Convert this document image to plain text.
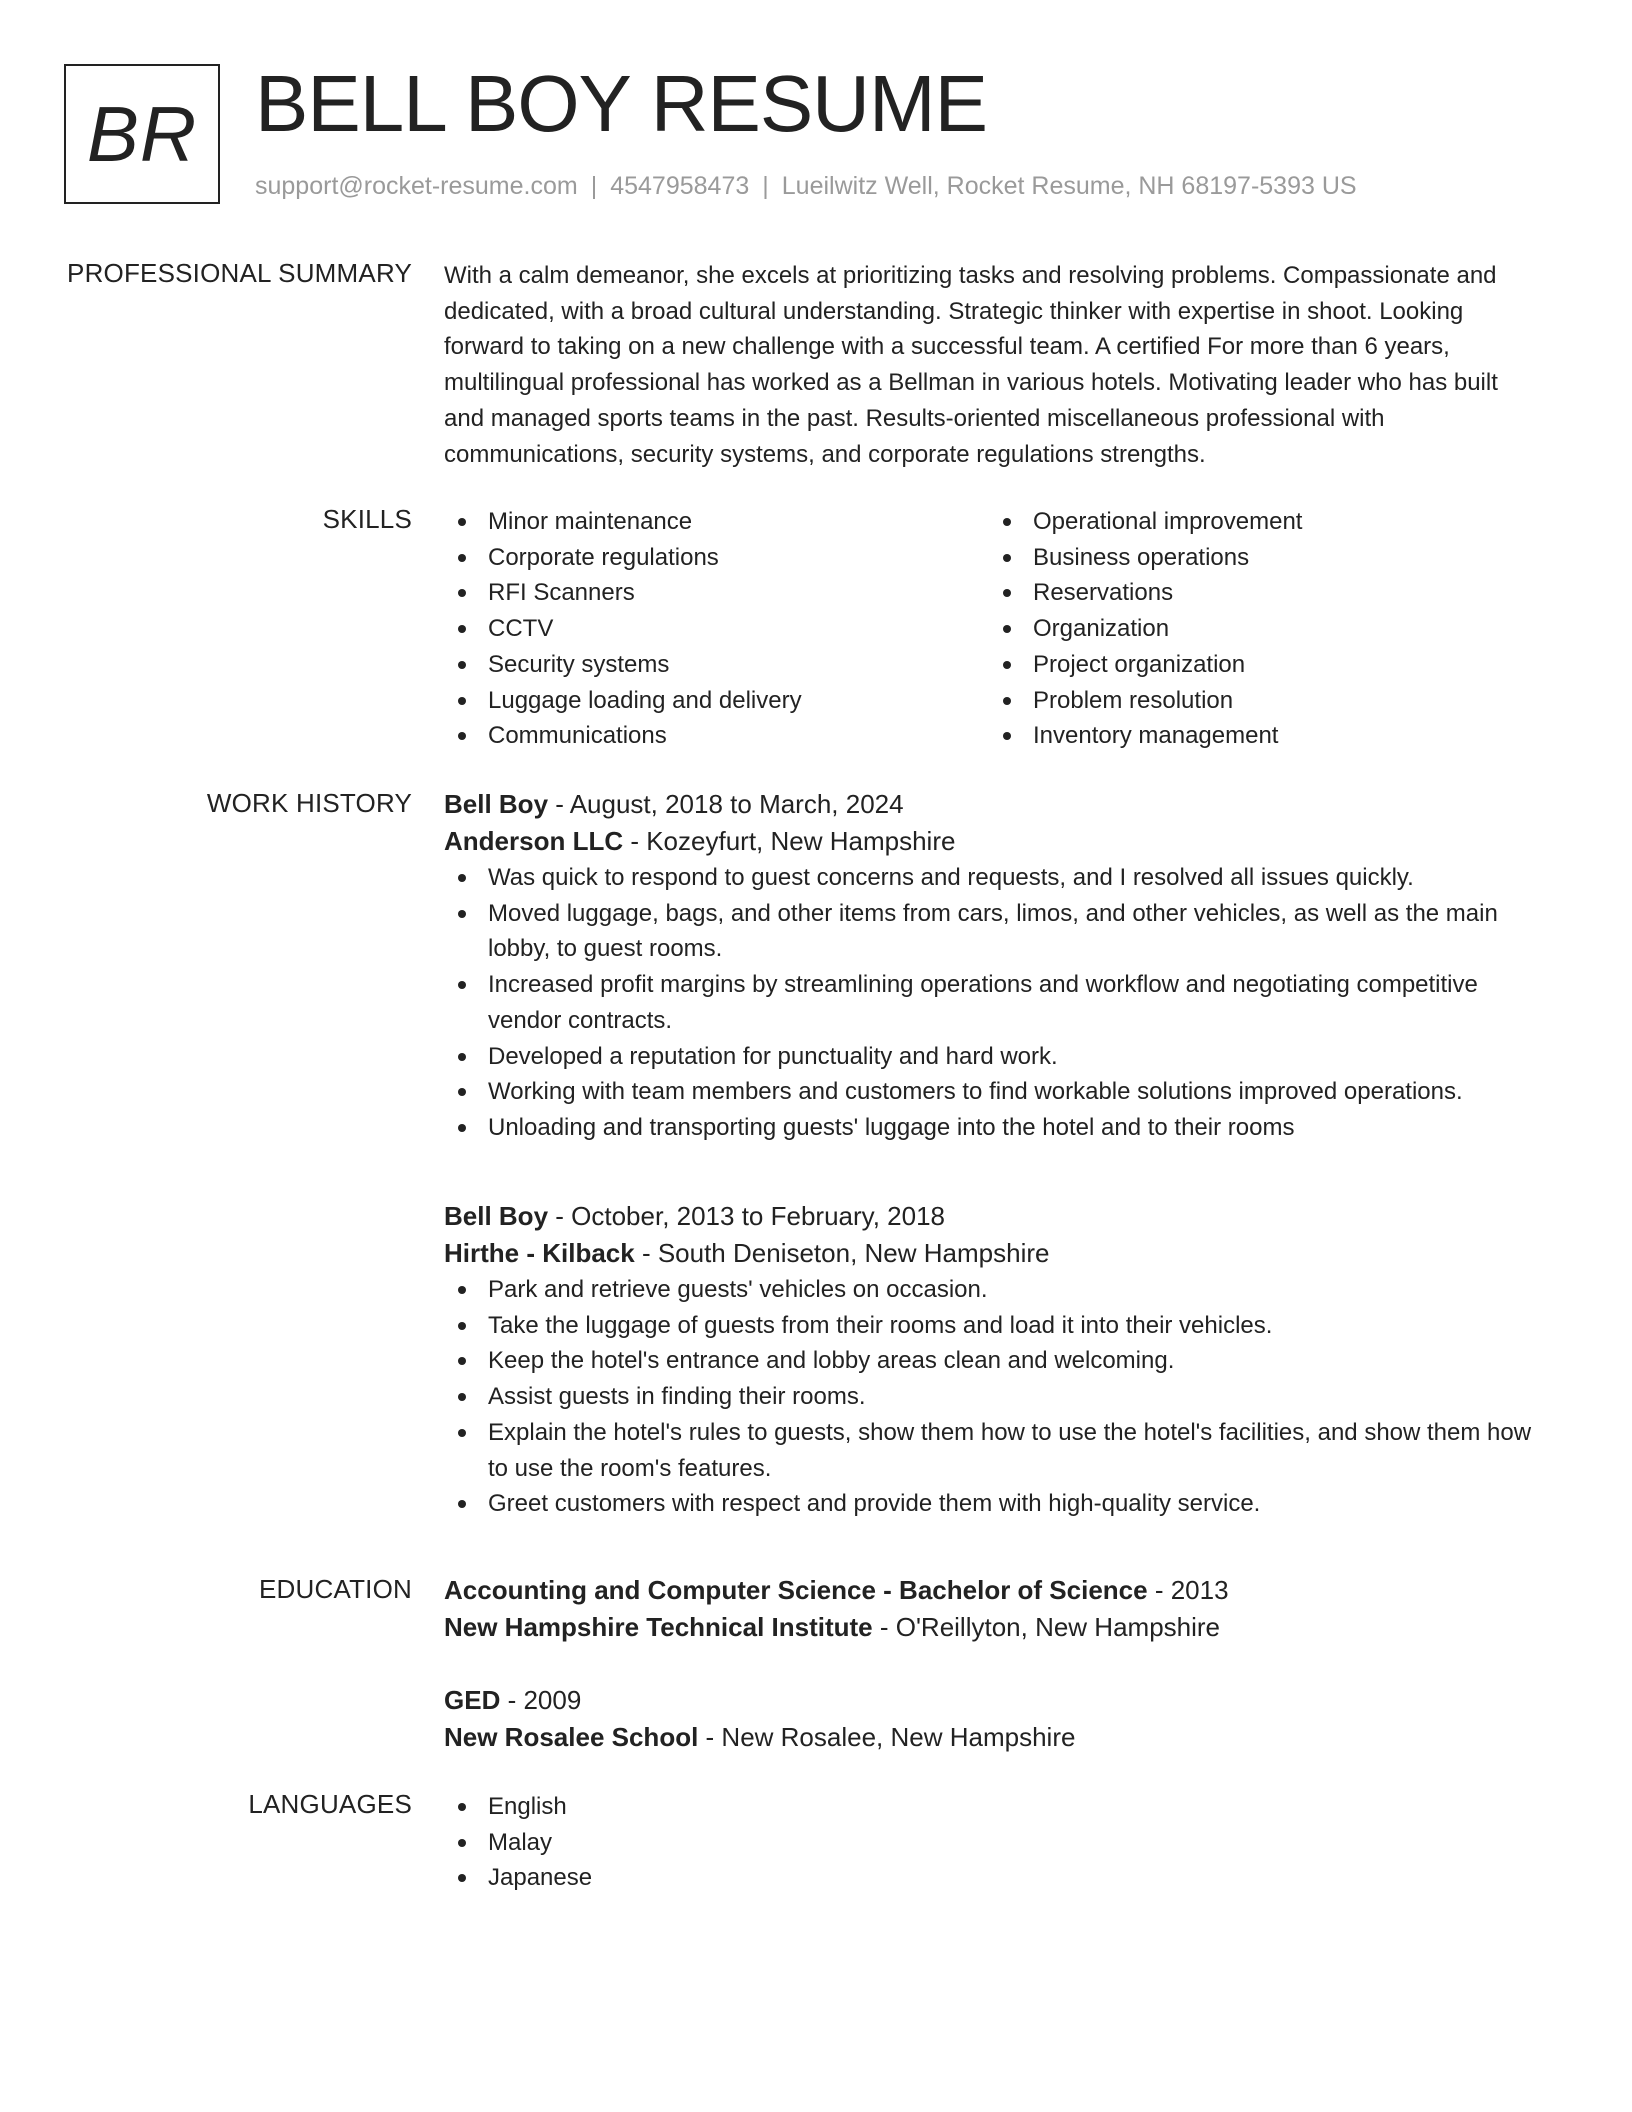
BR BELL BOY RESUME
support@rocket-resume.com | 4547958473 | Lueilwitz Well, Rocket Resume, NH 68197-5393 US
PROFESSIONAL SUMMARY With a calm demeanor, she excels at prioritizing tasks and resolving problems. Compassionate and dedicated, with a broad cultural understanding. Strategic thinker with expertise in shoot. Looking forward to taking on a new challenge with a successful team. A certified For more than 6 years, multilingual professional has worked as a Bellman in various hotels. Motivating leader who has built and managed sports teams in the past. Results-oriented miscellaneous professional with communications, security systems, and corporate regulations strengths.
SKILLS	Minor maintenance
Corporate regulations
RFI Scanners
CCTV
Security systems
Luggage loading and delivery
Communications
Operational improvement
Business operations
Reservations
Organization
Project organization
Problem resolution
Inventory management
WORK HISTORY Bell Boy - August, 2018 to March, 2024
Anderson LLC - Kozeyfurt, New Hampshire
Was quick to respond to guest concerns and requests, and I resolved all issues quickly.
Moved luggage, bags, and other items from cars, limos, and other vehicles, as well as the main lobby, to guest rooms.
Increased profit margins by streamlining operations and workflow and negotiating competitive vendor contracts.
Developed a reputation for punctuality and hard work.
Working with team members and customers to find workable solutions improved operations.
Unloading and transporting guests' luggage into the hotel and to their rooms
Bell Boy - October, 2013 to February, 2018
Hirthe - Kilback - South Deniseton, New Hampshire
Park and retrieve guests' vehicles on occasion.
Take the luggage of guests from their rooms and load it into their vehicles.
Keep the hotel's entrance and lobby areas clean and welcoming.
Assist guests in finding their rooms.
Explain the hotel's rules to guests, show them how to use the hotel's facilities, and show them how to use the room's features.
Greet customers with respect and provide them with high-quality service.
EDUCATION Accounting and Computer Science - Bachelor of Science - 2013
New Hampshire Technical Institute - O'Reillyton, New Hampshire
GED - 2009
New Rosalee School - New Rosalee, New Hampshire
LANGUAGES	English
Malay
Japanese
